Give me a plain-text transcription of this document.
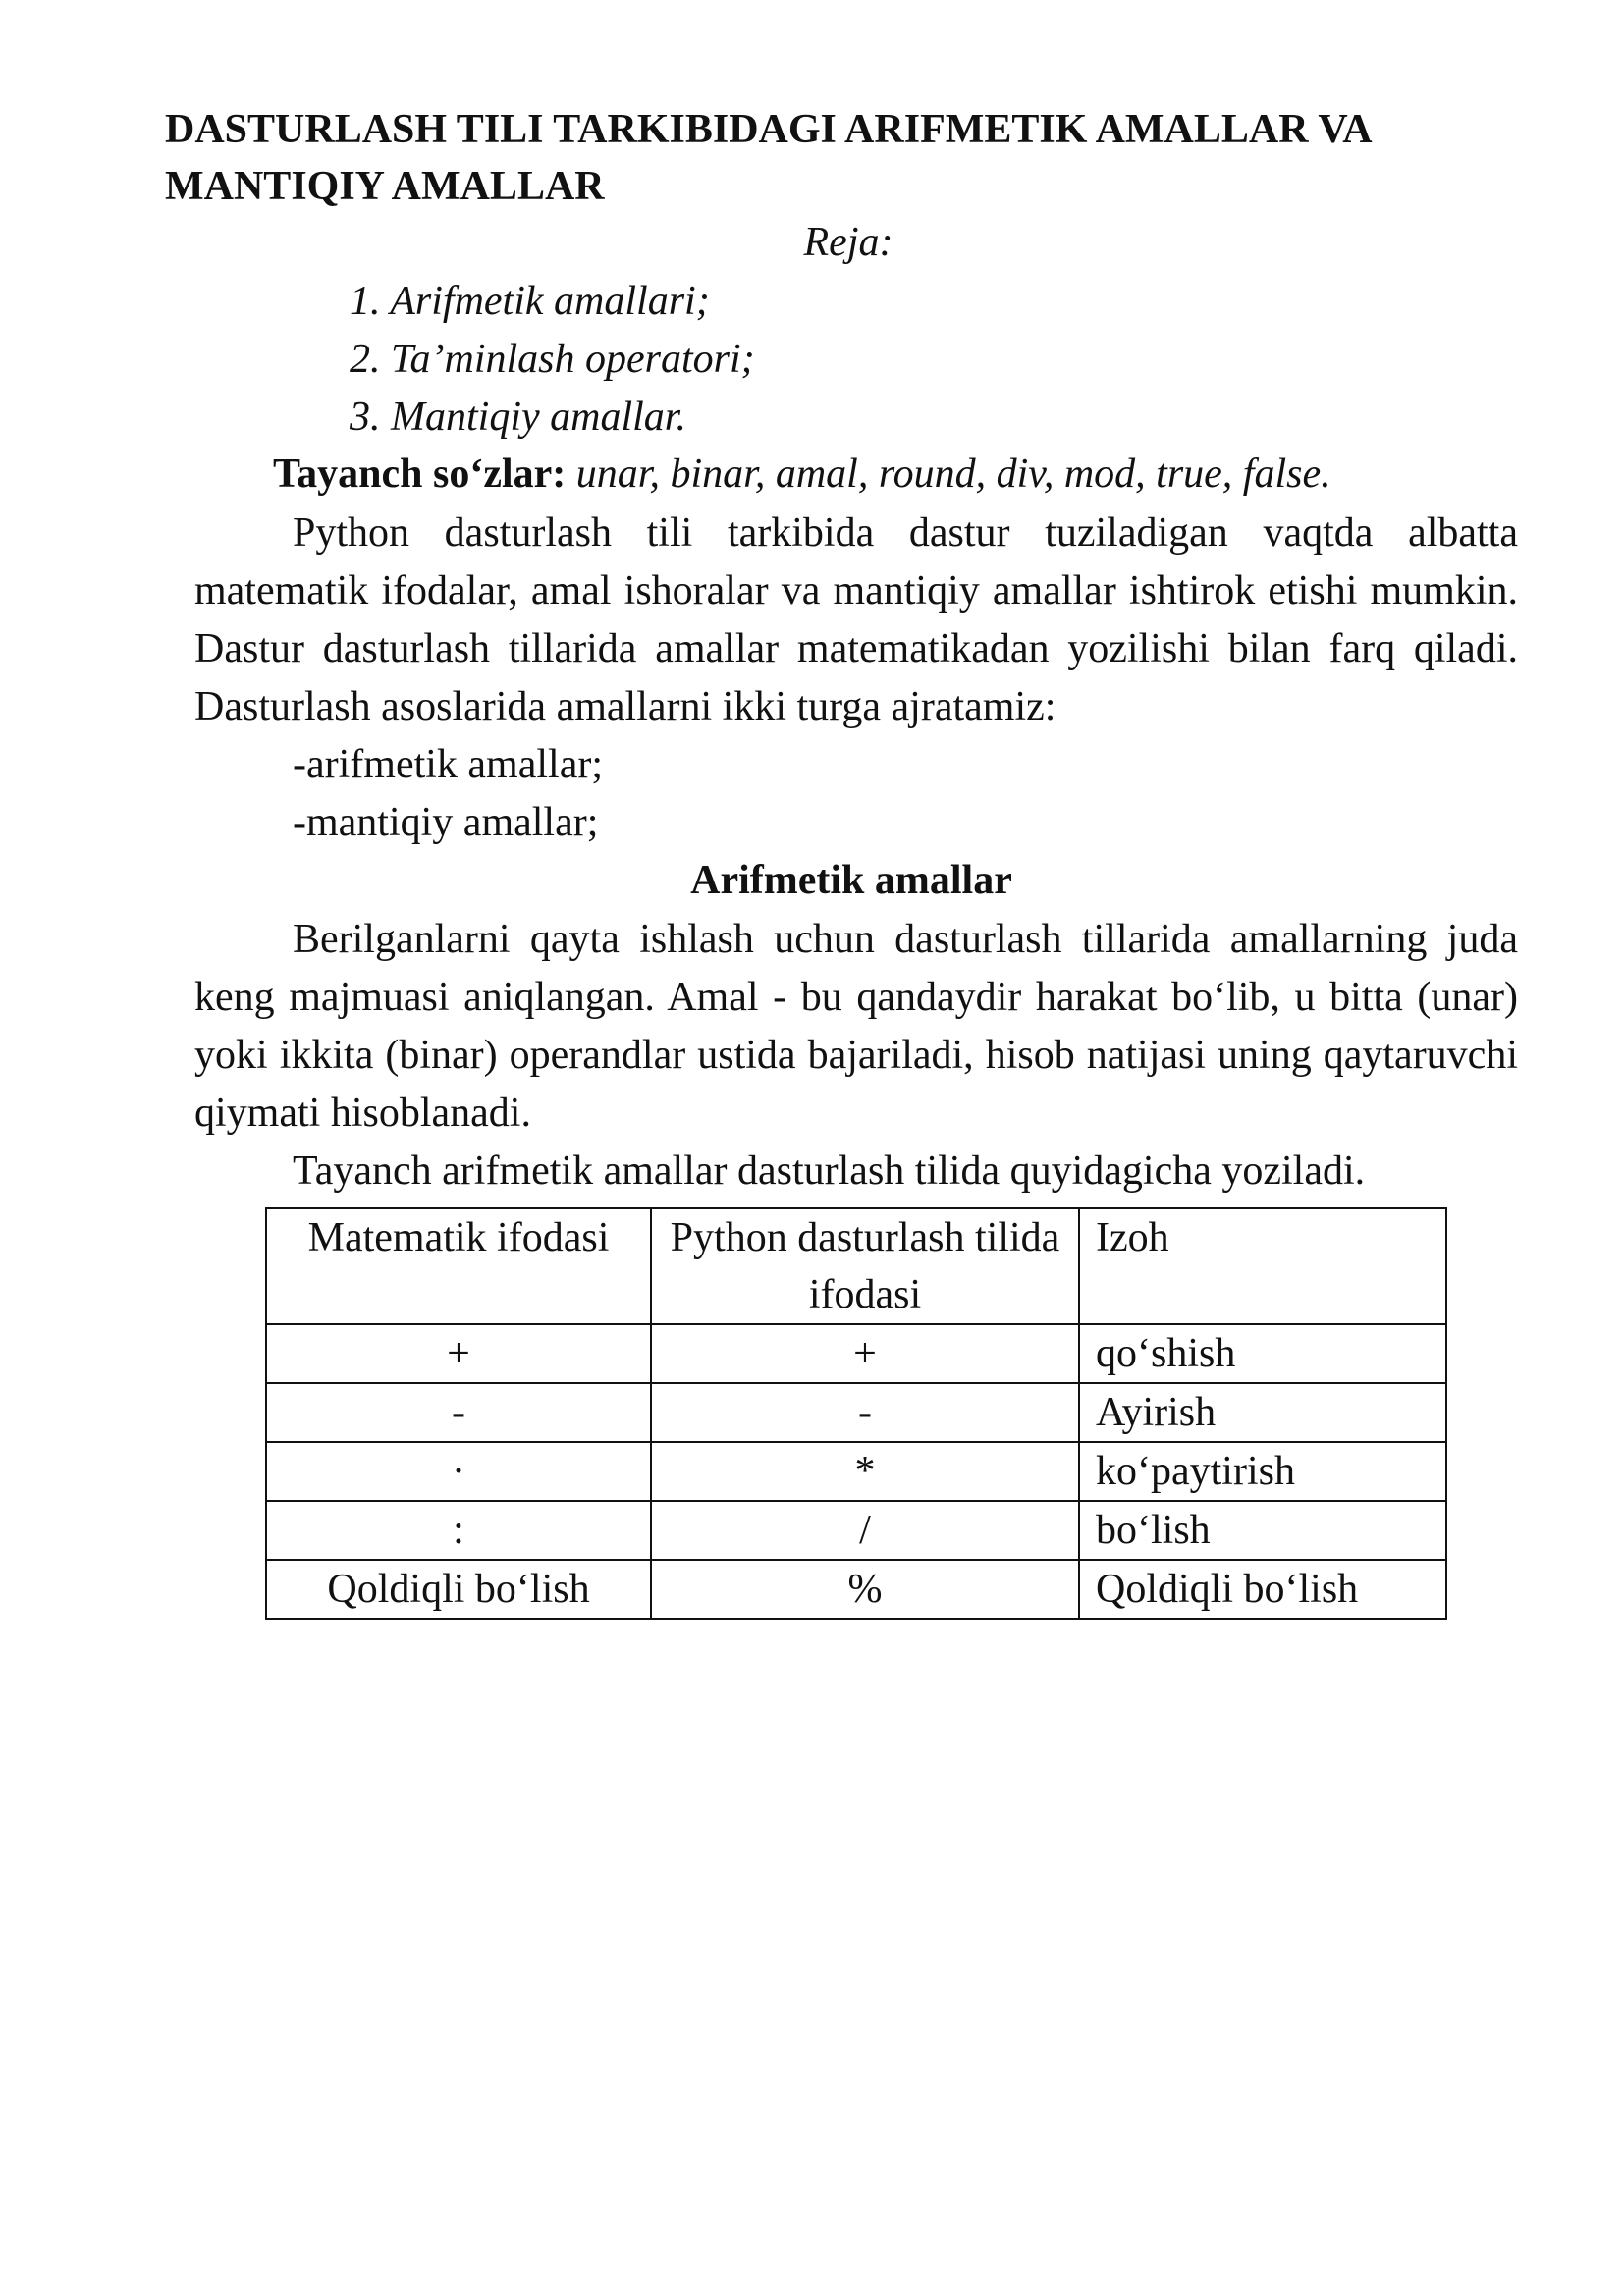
DASTURLASH TILI TARKIBIDAGI ARIFMETIK AMALLAR VA MANTIQIY AMALLAR
Reja:
1. Arifmetik amallari;
2. Ta’minlash operatori;
3. Mantiqiy amallar.
Tayanch so‘zlar: unar, binar, amal, round, div, mod, true, false.

Python dasturlash tili tarkibida dastur tuziladigan vaqtda albatta matematik ifodalar, amal ishoralar va mantiqiy amallar ishtirok etishi mumkin. Dastur dasturlash tillarida amallar matematikadan yozilishi bilan farq qiladi. Dasturlash asoslarida amallarni ikki turga ajratamiz:

-arifmetik amallar;
-mantiqiy amallar;
Arifmetik amallar

Berilganlarni qayta ishlash uchun dasturlash tillarida amallarning juda keng majmuasi aniqlangan. Amal - bu qandaydir harakat bo‘lib, u bitta (unar) yoki ikkita (binar) operandlar ustida bajariladi, hisob natijasi uning qaytaruvchi qiymati hisoblanadi.

Tayanch arifmetik amallar dasturlash tilida quyidagicha yoziladi.

Matematik ifodasi	Python dasturlash tilida ifodasi	Izoh
+	+	qo‘shish
-	-	Ayirish
·	*	ko‘paytirish
:	/	bo‘lish
Qoldiqli bo‘lish	%	Qoldiqli bo‘lish
